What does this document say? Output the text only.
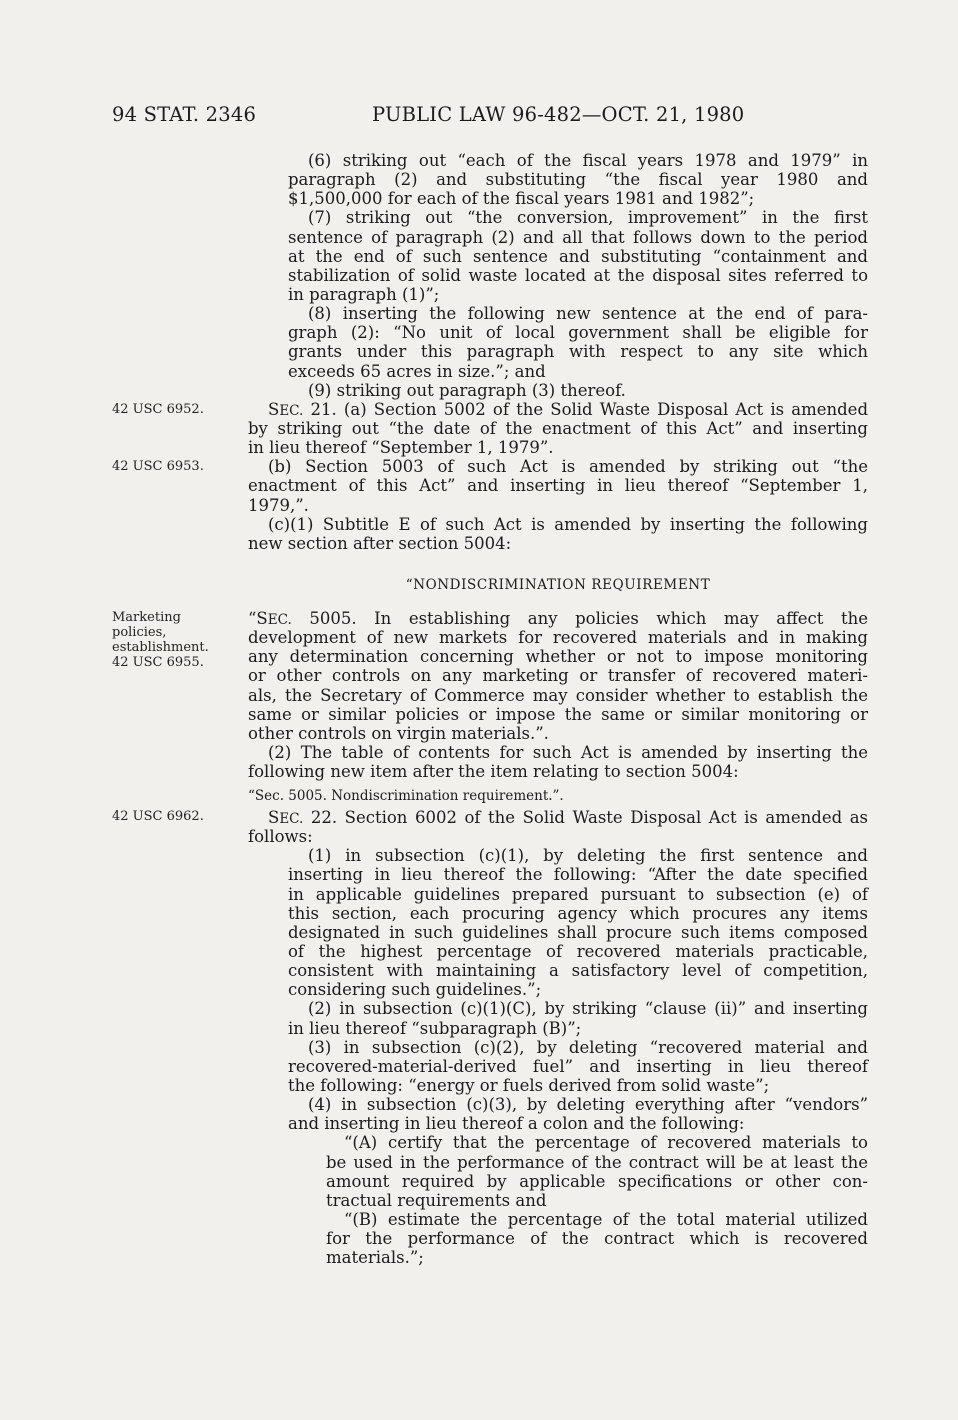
94 STAT. 2346	PUBLIC LAW 96-482—OCT. 21, 1980
42 USC 6952.
42 USC 6953.
Marketing
policies,
establishment.
42 USC 6955.
42 USC 6962.
(6) striking out “each of the fiscal years 1978 and 1979” in
paragraph (2) and substituting “the fiscal year 1980 and
$1,500,000 for each of the fiscal years 1981 and 1982”;
(7) striking out “the conversion, improvement” in the first
sentence of paragraph (2) and all that follows down to the period
at the end of such sentence and substituting “containment and
stabilization of solid waste located at the disposal sites referred to
in paragraph (1)”;
(8) inserting the following new sentence at the end of para-
graph (2): “No unit of local government shall be eligible for
grants under this paragraph with respect to any site which
exceeds 65 acres in size.”; and
(9) striking out paragraph (3) thereof.
SEC. 21. (a) Section 5002 of the Solid Waste Disposal Act is amended
by striking out “the date of the enactment of this Act” and inserting
in lieu thereof “September 1, 1979”.
(b) Section 5003 of such Act is amended by striking out “the
enactment of this Act” and inserting in lieu thereof “September 1,
1979,”.
(c)(1) Subtitle E of such Act is amended by inserting the following
new section after section 5004:
“NONDISCRIMINATION REQUIREMENT
“SEC. 5005. In establishing any policies which may affect the
development of new markets for recovered materials and in making
any determination concerning whether or not to impose monitoring
or other controls on any marketing or transfer of recovered materi-
als, the Secretary of Commerce may consider whether to establish the
same or similar policies or impose the same or similar monitoring or
other controls on virgin materials.”.
(2) The table of contents for such Act is amended by inserting the
following new item after the item relating to section 5004:
“Sec. 5005. Nondiscrimination requirement.”.
SEC. 22. Section 6002 of the Solid Waste Disposal Act is amended as
follows:
(1) in subsection (c)(1), by deleting the first sentence and
inserting in lieu thereof the following: “After the date specified
in applicable guidelines prepared pursuant to subsection (e) of
this section, each procuring agency which procures any items
designated in such guidelines shall procure such items composed
of the highest percentage of recovered materials practicable,
consistent with maintaining a satisfactory level of competition,
considering such guidelines.”;
(2) in subsection (c)(1)(C), by striking “clause (ii)” and inserting
in lieu thereof “subparagraph (B)”;
(3) in subsection (c)(2), by deleting “recovered material and
recovered-material-derived fuel” and inserting in lieu thereof
the following: “energy or fuels derived from solid waste”;
(4) in subsection (c)(3), by deleting everything after “vendors”
and inserting in lieu thereof a colon and the following:
“(A) certify that the percentage of recovered materials to
be used in the performance of the contract will be at least the
amount required by applicable specifications or other con-
tractual requirements and
“(B) estimate the percentage of the total material utilized
for the performance of the contract which is recovered
materials.”;
